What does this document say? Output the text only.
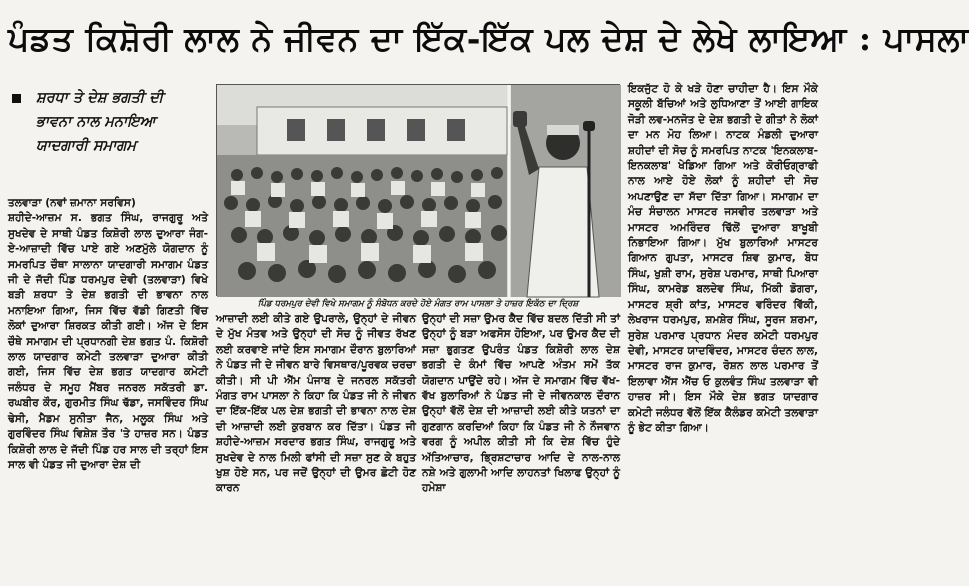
ਪੰਡਤ ਕਿਸ਼ੋਰੀ ਲਾਲ ਨੇ ਜੀਵਨ ਦਾ ਇੱਕ-ਇੱਕ ਪਲ ਦੇਸ਼ ਦੇ ਲੇਖੇ ਲਾਇਆ : ਪਾਸਲਾ
ਸ਼ਰਧਾ ਤੇ ਦੇਸ਼ ਭਗਤੀ ਦੀ
ਭਾਵਨਾ ਨਾਲ ਮਨਾਇਆ
ਯਾਦਗਾਰੀ ਸਮਾਗਮ
ਤਲਵਾੜਾ (ਨਵਾਂ ਜ਼ਮਾਨਾ ਸਰਵਿਸ)

ਸ਼ਹੀਦੇ-ਆਜ਼ਮ ਸ. ਭਗਤ ਸਿੰਘ, ਰਾਜਗੁਰੂ ਅਤੇ ਸੁਖਦੇਵ ਦੇ ਸਾਥੀ ਪੰਡਤ ਕਿਸ਼ੋਰੀ ਲਾਲ ਦੁਆਰਾ ਜੰਗ-ਏ-ਆਜ਼ਾਦੀ ਵਿੱਚ ਪਾਏ ਗਏ ਅਣਮੁੱਲੇ ਯੋਗਦਾਨ ਨੂੰ ਸਮਰਪਿਤ ਚੌਥਾ ਸਾਲਾਨਾ ਯਾਦਗਾਰੀ ਸਮਾਗਮ ਪੰਡਤ ਜੀ ਦੇ ਜੱਦੀ ਪਿੰਡ ਧਰਮਪੁਰ ਦੇਵੀ (ਤਲਵਾੜਾ) ਵਿਖੇ ਬੜੀ ਸ਼ਰਧਾ ਤੇ ਦੇਸ਼ ਭਗਤੀ ਦੀ ਭਾਵਨਾ ਨਾਲ ਮਨਾਇਆ ਗਿਆ, ਜਿਸ ਵਿੱਚ ਵੱਡੀ ਗਿਣਤੀ ਵਿੱਚ ਲੋਕਾਂ ਦੁਆਰਾ ਸ਼ਿਰਕਤ ਕੀਤੀ ਗਈ। ਅੱਜ ਦੇ ਇਸ ਚੌਥੇ ਸਮਾਗਮ ਦੀ ਪ੍ਰਧਾਨਗੀ ਦੇਸ਼ ਭਗਤ ਪੰ. ਕਿਸ਼ੋਰੀ ਲਾਲ ਯਾਦਗਾਰ ਕਮੇਟੀ ਤਲਵਾੜਾ ਦੁਆਰਾ ਕੀਤੀ ਗਈ, ਜਿਸ ਵਿੱਚ ਦੇਸ਼ ਭਗਤ ਯਾਦਗਾਰ ਕਮੇਟੀ ਜਲੰਧਰ ਦੇ ਸਮੂਹ ਮੈਂਬਰ ਜਨਰਲ ਸਕੱਤਰੀ ਡਾ. ਰਘਬੀਰ ਕੌਰ, ਗੁਰਮੀਤ ਸਿੰਘ ਢੱਡਾ, ਜਸਵਿੰਦਰ ਸਿੰਘ ਢੇਸੀ, ਮੈਡਮ ਸੁਨੀਤਾ ਜੈਨ, ਮਲੂਕ ਸਿੰਘ ਅਤੇ ਗੁਰਵਿੰਦਰ ਸਿੰਘ ਵਿਸ਼ੇਸ਼ ਤੌਰ 'ਤੇ ਹਾਜ਼ਰ ਸਨ। ਪੰਡਤ ਕਿਸ਼ੋਰੀ ਲਾਲ ਦੇ ਜੱਦੀ ਪਿੰਡ ਹਰ ਸਾਲ ਦੀ ਤਰ੍ਹਾਂ ਇਸ ਸਾਲ ਵੀ ਪੰਡਤ ਜੀ ਦੁਆਰਾ ਦੇਸ਼ ਦੀ

ਪਿੰਡ ਧਰਮਪੁਰ ਦੇਵੀ ਵਿਖੇ ਸਮਾਗਮ ਨੂੰ ਸੰਬੋਧਨ ਕਰਦੇ ਹੋਏ ਮੰਗਤ ਰਾਮ ਪਾਸਲਾ ਤੇ ਹਾਜ਼ਰ ਇਕੱਠ ਦਾ ਦ੍ਰਿਸ਼

ਆਜ਼ਾਦੀ ਲਈ ਕੀਤੇ ਗਏ ਉਪਰਾਲੇ, ਉਨ੍ਹਾਂ ਦੇ ਜੀਵਨ ਦੇ ਮੁੱਖ ਮੰਤਵ ਅਤੇ ਉਨ੍ਹਾਂ ਦੀ ਸੋਚ ਨੂੰ ਜੀਵਤ ਰੱਖਣ ਲਈ ਕਰਵਾਏ ਜਾਂਦੇ ਇਸ ਸਮਾਗਮ ਦੌਰਾਨ ਬੁਲਾਰਿਆਂ ਨੇ ਪੰਡਤ ਜੀ ਦੇ ਜੀਵਨ ਬਾਰੇ ਵਿਸਥਾਰ/ਪੂਰਵਕ ਚਰਚਾ ਕੀਤੀ। ਸੀ ਪੀ ਐੱਮ ਪੰਜਾਬ ਦੇ ਜਨਰਲ ਸਕੱਤਰੀ ਮੰਗਤ ਰਾਮ ਪਾਸਲਾ ਨੇ ਕਿਹਾ ਕਿ ਪੰਡਤ ਜੀ ਨੇ ਜੀਵਨ ਦਾ ਇੱਕ-ਇੱਕ ਪਲ ਦੇਸ਼ ਭਗਤੀ ਦੀ ਭਾਵਨਾ ਨਾਲ ਦੇਸ਼ ਦੀ ਆਜ਼ਾਦੀ ਲਈ ਕੁਰਬਾਨ ਕਰ ਦਿੱਤਾ। ਪੰਡਤ ਜੀ ਸ਼ਹੀਦੇ-ਆਜ਼ਮ ਸਰਦਾਰ ਭਗਤ ਸਿੰਘ, ਰਾਜਗੁਰੂ ਅਤੇ ਸੁਖਦੇਵ ਦੇ ਨਾਲ ਮਿਲੀ ਫਾਂਸੀ ਦੀ ਸਜ਼ਾ ਸੁਣ ਕੇ ਬਹੁਤ ਖੁਸ਼ ਹੋਏ ਸਨ, ਪਰ ਜਦੋਂ ਉਨ੍ਹਾਂ ਦੀ ਉਮਰ ਛੋਟੀ ਹੋਣ ਕਾਰਨ

ਉਨ੍ਹਾਂ ਦੀ ਸਜ਼ਾ ਉਮਰ ਕੈਦ ਵਿੱਚ ਬਦਲ ਦਿੱਤੀ ਸੀ ਤਾਂ ਉਨ੍ਹਾਂ ਨੂੰ ਬੜਾ ਅਫਸੋਸ ਹੋਇਆ, ਪਰ ਉਮਰ ਕੈਦ ਦੀ ਸਜ਼ਾ ਭੁਗਤਣ ਉਪਰੰਤ ਪੰਡਤ ਕਿਸ਼ੋਰੀ ਲਾਲ ਦੇਸ਼ ਭਗਤੀ ਦੇ ਕੰਮਾਂ ਵਿੱਚ ਆਪਣੇ ਅੰਤਮ ਸਮੇਂ ਤੱਕ ਯੋਗਦਾਨ ਪਾਉਂਦੇ ਰਹੇ। ਅੱਜ ਦੇ ਸਮਾਗਮ ਵਿੱਚ ਵੱਖ-ਵੱਖ ਬੁਲਾਰਿਆਂ ਨੇ ਪੰਡਤ ਜੀ ਦੇ ਜੀਵਨਕਾਲ ਦੌਰਾਨ ਉਨ੍ਹਾਂ ਵੱਲੋਂ ਦੇਸ਼ ਦੀ ਆਜ਼ਾਦੀ ਲਈ ਕੀਤੇ ਯਤਨਾਂ ਦਾ ਗੁਣਗਾਨ ਕਰਦਿਆਂ ਕਿਹਾ ਕਿ ਪੰਡਤ ਜੀ ਨੇ ਨੌਜਵਾਨ ਵਰਗ ਨੂੰ ਅਪੀਲ ਕੀਤੀ ਸੀ ਕਿ ਦੇਸ਼ ਵਿੱਚ ਹੁੰਦੇ ਅੱਤਿਆਚਾਰ, ਭ੍ਰਿਸ਼ਟਾਚਾਰ ਆਦਿ ਦੇ ਨਾਲ-ਨਾਲ ਨਸ਼ੇ ਅਤੇ ਗੁਲਾਮੀ ਆਦਿ ਲਾਹਨਤਾਂ ਖਿਲਾਫ ਉਨ੍ਹਾਂ ਨੂੰ ਹਮੇਸ਼ਾ

ਇਕਜੁੱਟ ਹੋ ਕੇ ਖੜੇ ਹੋਣਾ ਚਾਹੀਦਾ ਹੈ। ਇਸ ਮੌਕੇ ਸਕੂਲੀ ਬੱਚਿਆਂ ਅਤੇ ਲੁਧਿਆਣਾ ਤੋਂ ਆਈ ਗਾਇਕ ਜੋੜੀ ਲਵ-ਮਨਜੋਤ ਦੇ ਦੇਸ਼ ਭਗਤੀ ਦੇ ਗੀਤਾਂ ਨੇ ਲੋਕਾਂ ਦਾ ਮਨ ਮੋਹ ਲਿਆ। ਨਾਟਕ ਮੰਡਲੀ ਦੁਆਰਾ ਸ਼ਹੀਦਾਂ ਦੀ ਸੋਚ ਨੂੰ ਸਮਰਪਿਤ ਨਾਟਕ 'ਇਨਕਲਾਬ-ਇਨਕਲਾਬ' ਖੇਡਿਆ ਗਿਆ ਅਤੇ ਕੋਰੀਓਗ੍ਰਾਫੀ ਨਾਲ ਆਏ ਹੋਏ ਲੋਕਾਂ ਨੂੰ ਸ਼ਹੀਦਾਂ ਦੀ ਸੋਚ ਅਪਣਾਉਣ ਦਾ ਸੱਦਾ ਦਿੱਤਾ ਗਿਆ। ਸਮਾਗਮ ਦਾ ਮੰਚ ਸੰਚਾਲਨ ਮਾਸਟਰ ਜਸਵੀਰ ਤਲਵਾੜਾ ਅਤੇ ਮਾਸਟਰ ਅਮਰਿੰਦਰ ਢਿੱਲੋਂ ਦੁਆਰਾ ਬਾਖੂਬੀ ਨਿਭਾਇਆ ਗਿਆ। ਮੁੱਖ ਬੁਲਾਰਿਆਂ ਮਾਸਟਰ ਗਿਆਨ ਗੁਪਤਾ, ਮਾਸਟਰ ਸ਼ਿਵ ਕੁਮਾਰ, ਬੋਧ ਸਿੰਘ, ਖੁਸ਼ੀ ਰਾਮ, ਸੁਰੇਸ਼ ਪਰਮਾਰ, ਸਾਥੀ ਪਿਆਰਾ ਸਿੰਘ, ਕਾਮਰੇਡ ਬਲਦੇਵ ਸਿੰਘ, ਮਿੱਕੀ ਡੋਗਰਾ, ਮਾਸਟਰ ਸ਼੍ਰੀ ਕਾਂਤ, ਮਾਸਟਰ ਵਰਿੰਦਰ ਵਿੱਕੀ, ਲੇਖਰਾਜ ਧਰਮਪੁਰ, ਸ਼ਮਸ਼ੇਰ ਸਿੰਘ, ਸੂਰਜ ਸ਼ਰਮਾ, ਸੁਰੇਸ਼ ਪਰਮਾਰ ਪ੍ਰਧਾਨ ਮੰਦਰ ਕਮੇਟੀ ਧਰਮਪੁਰ ਦੇਵੀ, ਮਾਸਟਰ ਯਾਦਵਿੰਦਰ, ਮਾਸਟਰ ਚੰਦਨ ਲਾਲ, ਮਾਸਟਰ ਰਾਜ ਕੁਮਾਰ, ਰੋਸ਼ਨ ਲਾਲ ਪਰਮਾਰ ਤੋਂ ਇਲਾਵਾ ਐੱਸ ਐੱਚ ਓ ਕੁਲਵੰਤ ਸਿੰਘ ਤਲਵਾੜਾ ਵੀ ਹਾਜ਼ਰ ਸੀ। ਇਸ ਮੌਕੇ ਦੇਸ਼ ਭਗਤ ਯਾਦਗਾਰ ਕਮੇਟੀ ਜਲੰਧਰ ਵੱਲੋਂ ਇੱਕ ਕੈਲੰਡਰ ਕਮੇਟੀ ਤਲਵਾੜਾ ਨੂੰ ਭੇਟ ਕੀਤਾ ਗਿਆ।
